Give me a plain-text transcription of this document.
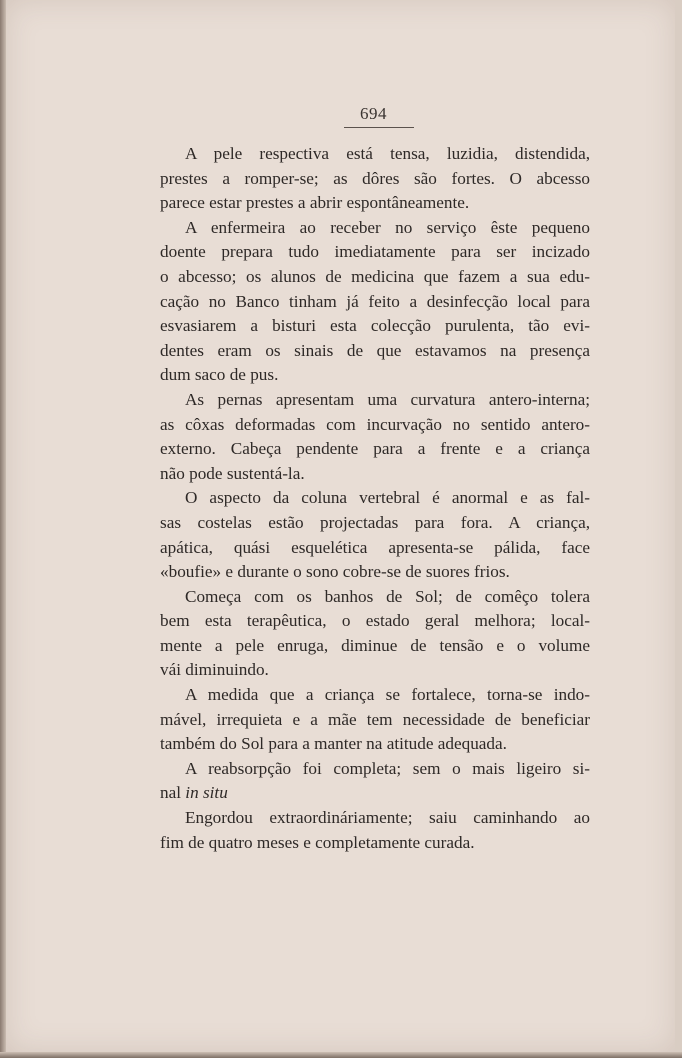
694
A pele respectiva está tensa, luzidia, distendida,
prestes a romper-se; as dôres são fortes. O abcesso
parece estar prestes a abrir espontâneamente.
A enfermeira ao receber no serviço êste pequeno
doente prepara tudo imediatamente para ser incizado
o abcesso; os alunos de medicina que fazem a sua edu-
cação no Banco tinham já feito a desinfecção local para
esvasiarem a bisturi esta colecção purulenta, tão evi-
dentes eram os sinais de que estavamos na presença
dum saco de pus.
As pernas apresentam uma curvatura antero-interna;
as côxas deformadas com incurvação no sentido antero-
externo. Cabeça pendente para a frente e a criança
não pode sustentá-la.
O aspecto da coluna vertebral é anormal e as fal-
sas costelas estão projectadas para fora. A criança,
apática, quási esquelética apresenta-se pálida, face
«boufie» e durante o sono cobre-se de suores frios.
Começa com os banhos de Sol; de comêço tolera
bem esta terapêutica, o estado geral melhora; local-
mente a pele enruga, diminue de tensão e o volume
vái diminuindo.
A medida que a criança se fortalece, torna-se indo-
mável, irrequieta e a mãe tem necessidade de beneficiar
também do Sol para a manter na atitude adequada.
A reabsorpção foi completa; sem o mais ligeiro si-
nal in situ
Engordou extraordináriamente; saiu caminhando ao
fim de quatro meses e completamente curada.
